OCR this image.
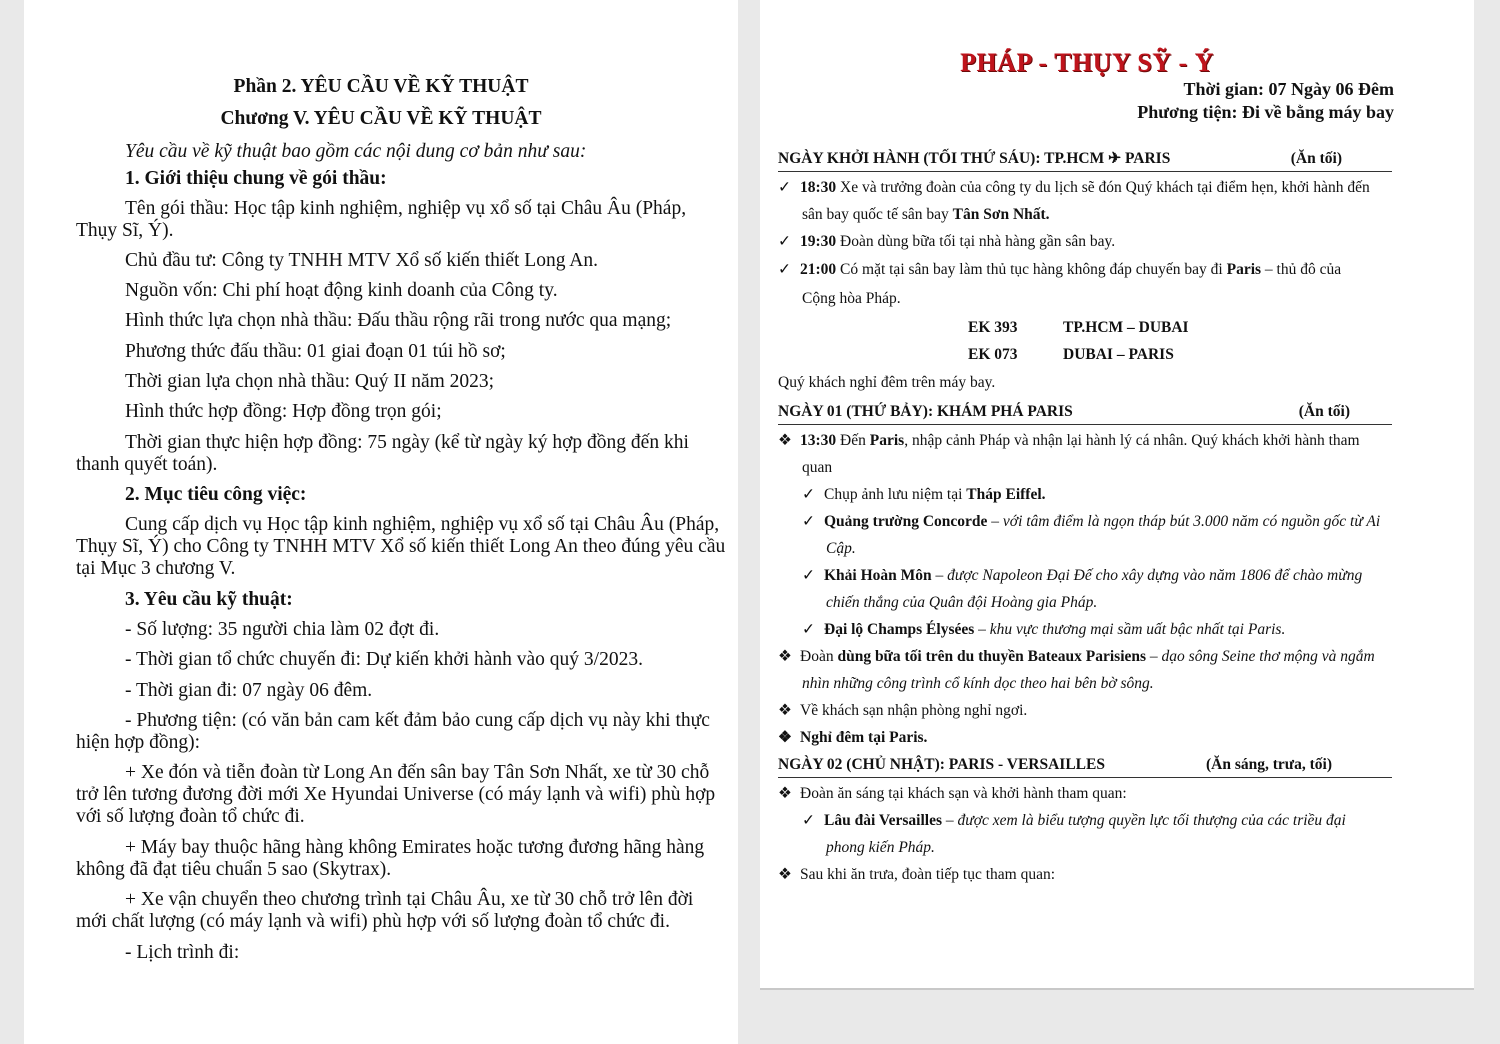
Phần 2. YÊU CẦU VỀ KỸ THUẬT
Chương V. YÊU CẦU VỀ KỸ THUẬT
Yêu cầu về kỹ thuật bao gồm các nội dung cơ bản như sau:
1. Giới thiệu chung về gói thầu:
Tên gói thầu: Học tập kinh nghiệm, nghiệp vụ xổ số tại Châu Âu (Pháp,
Thụy Sĩ, Ý).
Chủ đầu tư: Công ty TNHH MTV Xổ số kiến thiết Long An.
Nguồn vốn: Chi phí hoạt động kinh doanh của Công ty.
Hình thức lựa chọn nhà thầu: Đấu thầu rộng rãi trong nước qua mạng;
Phương thức đấu thầu: 01 giai đoạn 01 túi hồ sơ;
Thời gian lựa chọn nhà thầu: Quý II năm 2023;
Hình thức hợp đồng: Hợp đồng trọn gói;
Thời gian thực hiện hợp đồng: 75 ngày (kể từ ngày ký hợp đồng đến khi
thanh quyết toán).
2. Mục tiêu công việc:
Cung cấp dịch vụ Học tập kinh nghiệm, nghiệp vụ xổ số tại Châu Âu (Pháp,
Thụy Sĩ, Ý) cho Công ty TNHH MTV Xổ số kiến thiết Long An theo đúng yêu cầu
tại Mục 3 chương V.
3. Yêu cầu kỹ thuật:
- Số lượng: 35 người chia làm 02 đợt đi.
- Thời gian tổ chức chuyến đi: Dự kiến khởi hành vào quý 3/2023.
- Thời gian đi: 07 ngày 06 đêm.
- Phương tiện: (có văn bản cam kết đảm bảo cung cấp dịch vụ này khi thực
hiện hợp đồng):
+ Xe đón và tiễn đoàn từ Long An đến sân bay Tân Sơn Nhất, xe từ 30 chỗ
trở lên tương đương đời mới Xe Hyundai Universe (có máy lạnh và wifi) phù hợp
với số lượng đoàn tổ chức đi.
+ Máy bay thuộc hãng hàng không Emirates hoặc tương đương hãng hàng
không đã đạt tiêu chuẩn 5 sao (Skytrax).
+ Xe vận chuyển theo chương trình tại Châu Âu, xe từ 30 chỗ trở lên đời
mới chất lượng (có máy lạnh và wifi) phù hợp với số lượng đoàn tổ chức đi.
- Lịch trình đi:
PHÁP - THỤY SỸ - Ý
Thời gian: 07 Ngày 06 Đêm
Phương tiện: Đi về bằng máy bay
NGÀY KHỞI HÀNH (TỐI THỨ SÁU): TP.HCM ✈ PARIS	(Ăn tối)
✓ 18:30 Xe và trưởng đoàn của công ty du lịch sẽ đón Quý khách tại điểm hẹn, khởi hành đến
sân bay quốc tế sân bay Tân Sơn Nhất.
✓ 19:30 Đoàn dùng bữa tối tại nhà hàng gần sân bay.
✓ 21:00 Có mặt tại sân bay làm thủ tục hàng không đáp chuyến bay đi Paris – thủ đô của
Cộng hòa Pháp.
EK 393	TP.HCM – DUBAI
EK 073	DUBAI – PARIS
Quý khách nghỉ đêm trên máy bay.
NGÀY 01 (THỨ BẢY): KHÁM PHÁ PARIS	(Ăn tối)
❖ 13:30 Đến Paris, nhập cảnh Pháp và nhận lại hành lý cá nhân. Quý khách khởi hành tham
quan
✓ Chụp ảnh lưu niệm tại Tháp Eiffel.
✓ Quảng trường Concorde – với tâm điểm là ngọn tháp bút 3.000 năm có nguồn gốc từ Ai
Cập.
✓ Khải Hoàn Môn – được Napoleon Đại Đế cho xây dựng vào năm 1806 để chào mừng
chiến thắng của Quân đội Hoàng gia Pháp.
✓ Đại lộ Champs Élysées – khu vực thương mại sầm uất bậc nhất tại Paris.
❖ Đoàn dùng bữa tối trên du thuyền Bateaux Parisiens – dạo sông Seine thơ mộng và ngắm
nhìn những công trình cổ kính dọc theo hai bên bờ sông.
❖ Về khách sạn nhận phòng nghỉ ngơi.
❖ Nghỉ đêm tại Paris.
NGÀY 02 (CHỦ NHẬT): PARIS - VERSAILLES	(Ăn sáng, trưa, tối)
❖ Đoàn ăn sáng tại khách sạn và khởi hành tham quan:
✓ Lâu đài Versailles – được xem là biểu tượng quyền lực tối thượng của các triều đại
phong kiến Pháp.
❖ Sau khi ăn trưa, đoàn tiếp tục tham quan:
